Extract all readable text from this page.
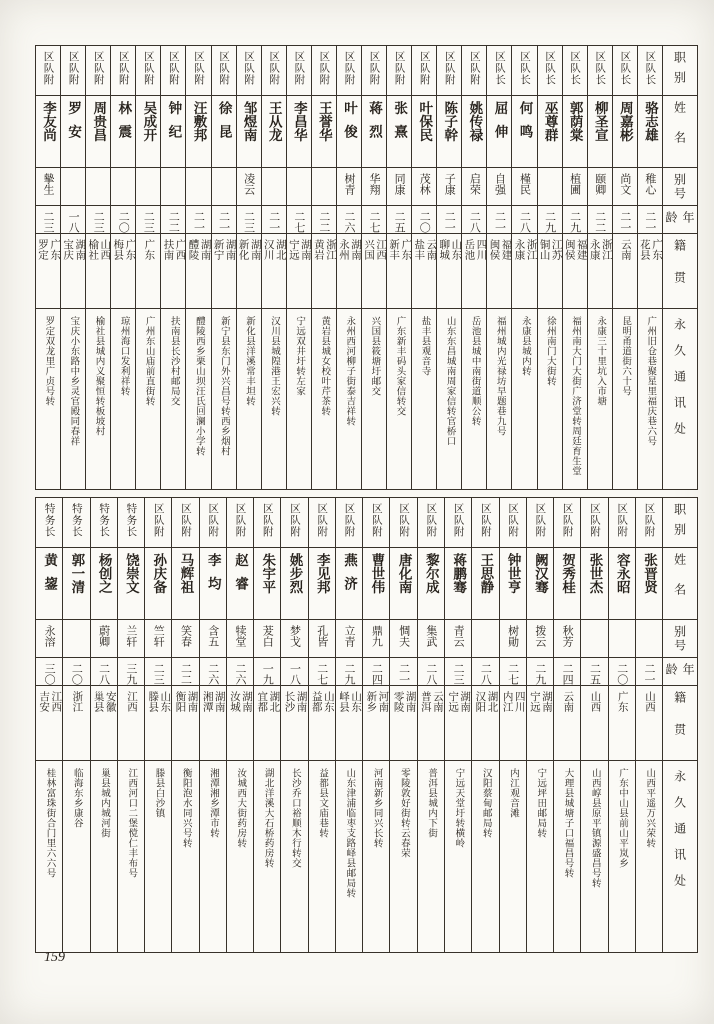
区队附
李友尚
摰生
二三
广东罗定
罗定双龙里广贞号转
区队附
罗安
一八
湖南宝庆
宝庆小东路中乡灵官殿同春祥
区队附
周贵昌
二三
山西榆社
榆社县城内义聚恒转板坡村
区队附
林震
二〇
广东梅县
琼州海口发利祥转
区队附
吴成开
二三
广东
广州东山庙前直街转
区队附
钟纪
二二
广西扶南
扶南县长沙村邮局交
区队附
汪敷邦
二一
湖南醴陵
醴陵西乡栗山坝汪氏回澜小学转
区队附
徐昆
二一
湖南新宁
新宁县东门外兴昌号转西乡烟村
区队附
邹煜南
凌云
二三
湖南新化
新化县洋溪常丰坦转
区队附
王从龙
二一
湖北汉川
汉川县城隍港王宏兴转
区队附
李昌华
二七
湖南宁远
宁远双井圩转左家
区队附
王誉华
二二
浙江黄岩
黄岩县城女校叶芹茶转
区队附
叶俊
树青
二六
湖南永州
永州西河柳子街泰吉祥转
区队附
蒋烈
华翔
二七
江西兴国
兴国县筱塘圩邮交
区队附
张熹
同康
二五
广东新丰
广东新丰码头家信转交
区队附
叶保民
茂林
二〇
云南盐丰
盐丰县观音寺
区队附
陈子幹
子康
二一
山东聊城
山东东昌城南周家信转官桥口
区队附
姚传禄
启荣
二八
四川岳池
岳池县城中南街道顺公转
区队长
屈伸
自强
二一
福建闽侯
福州城内光禄坊早题巷九号
区队长
何鸣
槿民
二八
浙江永康
永康县城内转
区队长
巫尊群
二九
江苏铜山
徐州南门大街转
区队长
郭荫棠
植圃
二九
福建闽侯
福州南大门大街广济堂转周廷育生堂
区队长
柳圣宣
颐卿
二二
浙江永康
永康三十里坑入市塘
区队长
周嘉彬
尚文
二一
云南
昆明甬道街六十号
区队长
骆志雄
稚心
二一
广东花县
广州旧仓巷聚星里福庆巷六号
职别
姓名
别号
年龄
籍贯
永久通讯处
特务长
黄鋆
永溶
三〇
江西吉安
桂林富珠街合门里六六号
特务长
郭一清
二〇
浙江
临海东乡康谷
特务长
杨创之
蔚卿
二八
安徽巢县
巢县城内城河街
特务长
饶崇文
兰轩
三九
江西
江西河口二堡傥仁丰布号
区队附
孙庆备
竺轩
二三
山东滕县
滕县白沙镇
区队附
马辉祖
笑春
二二
湖南衡阳
衡阳泡水同兴号转
区队附
李均
含五
二六
湖南湘潭
湘潭湘乡潭市转
区队附
赵睿
犊堂
二六
湖南汝城
汝城西大街药房转
区队附
朱宇平
茇白
一九
湖北宜都
湖北洋溪大石桥药房转
区队附
姚步烈
梦戈
一八
湖南长沙
长沙乔口裕顺木行转交
区队附
李见邦
孔皆
二七
山东益都
益都县文庙巷转
区队附
燕济
立青
二九
山东峄县
山东津浦临枣支路峄县邮局转
区队附
曹世伟
鼎九
二四
河南新乡
河南新乡同兴长转
区队附
唐化南
惆夫
二一
湖南零陵
零陵敦好街转云春荣
区队附
黎尔成
集武
二八
云南普洱
普洱县城内下街
区队附
蒋鹏骞
青云
二三
湖南宁远
宁远天堂圩转横岭
区队附
王思静
二八
湖北汉阳
汉阳蔡甸邮局转
区队附
钟世亨
树勛
二七
四川内江
内江观音滩
区队附
阙汉骞
拨云
二九
湖南宁远
宁远坪田邮局转
区队附
贺秀桂
秋芳
二四
云南
大理县城塘子口福昌号转
区队附
张世杰
二五
山西
山西崞县原平镇源盛昌号转
区队附
容永昭
二〇
广东
广东中山县前山平岚乡
区队附
张晋贤
二一
山西
山西平遥万兴荣转
职别
姓名
别号
年龄
籍贯
永久通讯处
159
